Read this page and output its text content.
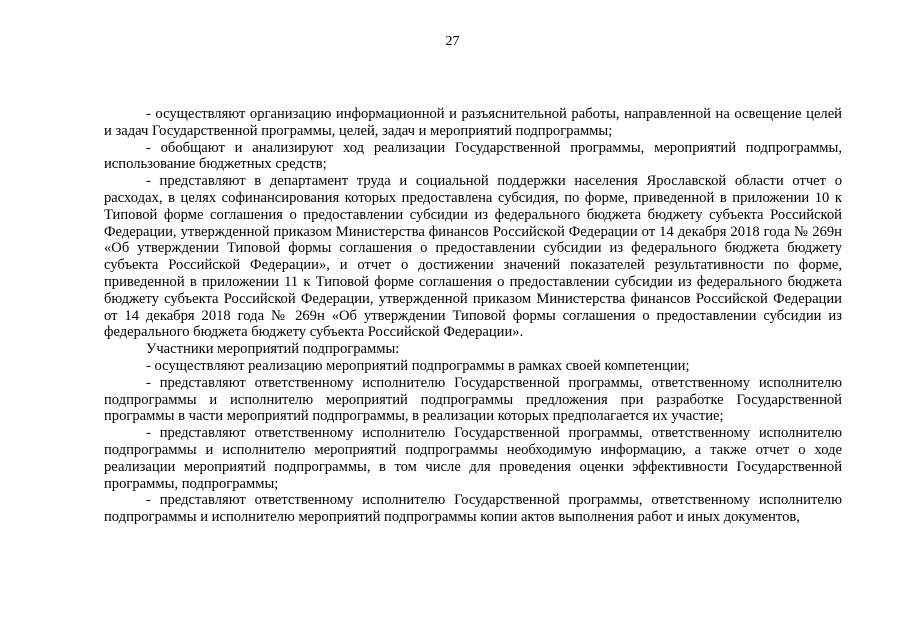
27

- осуществляют организацию информационной и разъяснительной работы, направленной на освещение целей и задач Государственной программы, целей, задач и мероприятий подпрограммы;

- обобщают и анализируют ход реализации Государственной программы, мероприятий подпрограммы, использование бюджетных средств;

- представляют в департамент труда и социальной поддержки населения Ярославской области отчет о расходах, в целях софинансирования которых предоставлена субсидия, по форме, приведенной в приложении 10 к Типовой форме соглашения о предоставлении субсидии из федерального бюджета бюджету субъекта Российской Федерации, утвержденной приказом Министерства финансов Российской Федерации от 14 декабря 2018 года № 269н «Об утверждении Типовой формы соглашения о предоставлении субсидии из федерального бюджета бюджету субъекта Российской Федерации», и отчет о достижении значений показателей результативности по форме, приведенной в приложении 11 к Типовой форме соглашения о предоставлении субсидии из федерального бюджета бюджету субъекта Российской Федерации, утвержденной приказом Министерства финансов Российской Федерации от 14 декабря 2018 года № 269н «Об утверждении Типовой формы соглашения о предоставлении субсидии из федерального бюджета бюджету субъекта Российской Федерации».

Участники мероприятий подпрограммы:

- осуществляют реализацию мероприятий подпрограммы в рамках своей компетенции;

- представляют ответственному исполнителю Государственной программы, ответственному исполнителю подпрограммы и исполнителю мероприятий подпрограммы предложения при разработке Государственной программы в части мероприятий подпрограммы, в реализации которых предполагается их участие;

- представляют ответственному исполнителю Государственной программы, ответственному исполнителю подпрограммы и исполнителю мероприятий подпрограммы необходимую информацию, а также отчет о ходе реализации мероприятий подпрограммы, в том числе для проведения оценки эффективности Государственной программы, подпрограммы;

- представляют ответственному исполнителю Государственной программы, ответственному исполнителю подпрограммы и исполнителю мероприятий подпрограммы копии актов выполнения работ и иных документов,
